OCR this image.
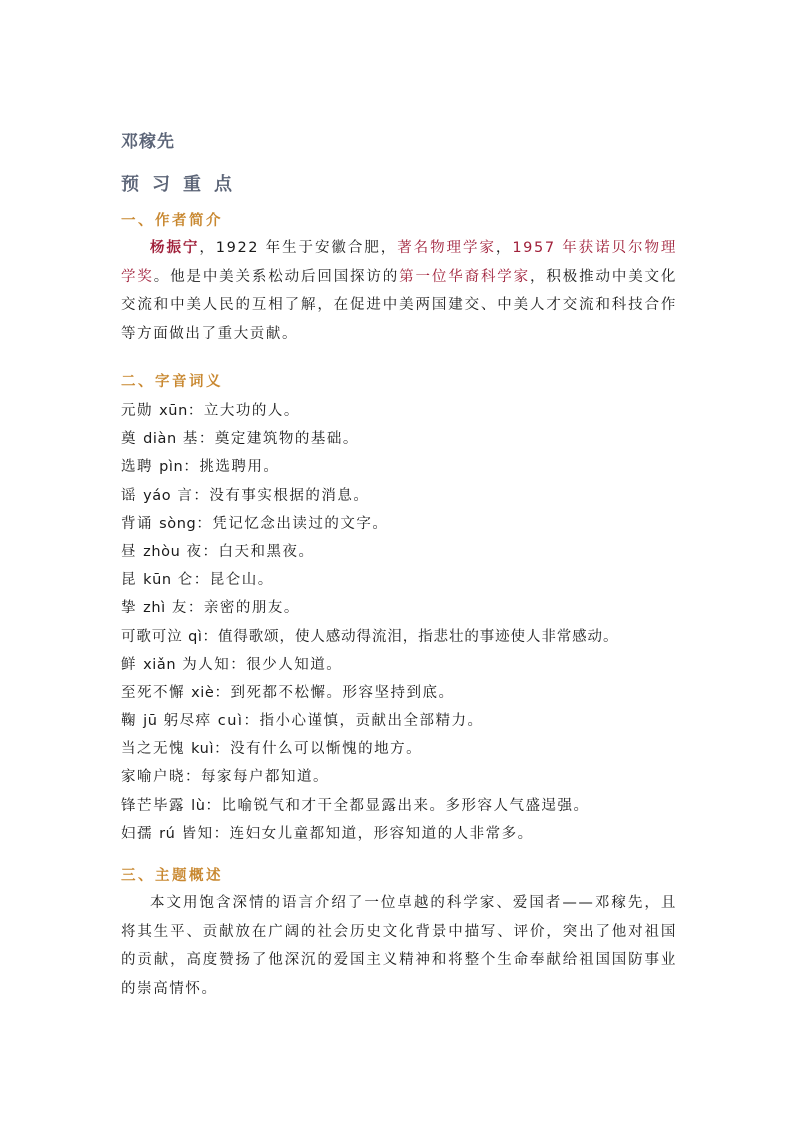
邓稼先
预习重点
一、作者简介
杨振宁，1922 年生于安徽合肥，著名物理学家，1957 年获诺贝尔物理学奖。他是中美关系松动后回国探访的第一位华裔科学家，积极推动中美文化交流和中美人民的互相了解，在促进中美两国建交、中美人才交流和科技合作等方面做出了重大贡献。
二、字音词义
元勋 xūn：立大功的人。
奠 diàn 基：奠定建筑物的基础。
选聘 pìn：挑选聘用。
谣 yáo 言：没有事实根据的消息。
背诵 sòng：凭记忆念出读过的文字。
昼 zhòu 夜：白天和黑夜。
昆 kūn 仑：昆仑山。
挚 zhì 友：亲密的朋友。
可歌可泣 qì：值得歌颂，使人感动得流泪，指悲壮的事迹使人非常感动。
鲜 xiǎn 为人知：很少人知道。
至死不懈 xiè：到死都不松懈。形容坚持到底。
鞠 jū 躬尽瘁 cuì：指小心谨慎，贡献出全部精力。
当之无愧 kuì：没有什么可以惭愧的地方。
家喻户晓：每家每户都知道。
锋芒毕露 lù：比喻锐气和才干全都显露出来。多形容人气盛逞强。
妇孺 rú 皆知：连妇女儿童都知道，形容知道的人非常多。
三、主题概述
本文用饱含深情的语言介绍了一位卓越的科学家、爱国者——邓稼先，且将其生平、贡献放在广阔的社会历史文化背景中描写、评价，突出了他对祖国的贡献，高度赞扬了他深沉的爱国主义精神和将整个生命奉献给祖国国防事业的崇高情怀。
